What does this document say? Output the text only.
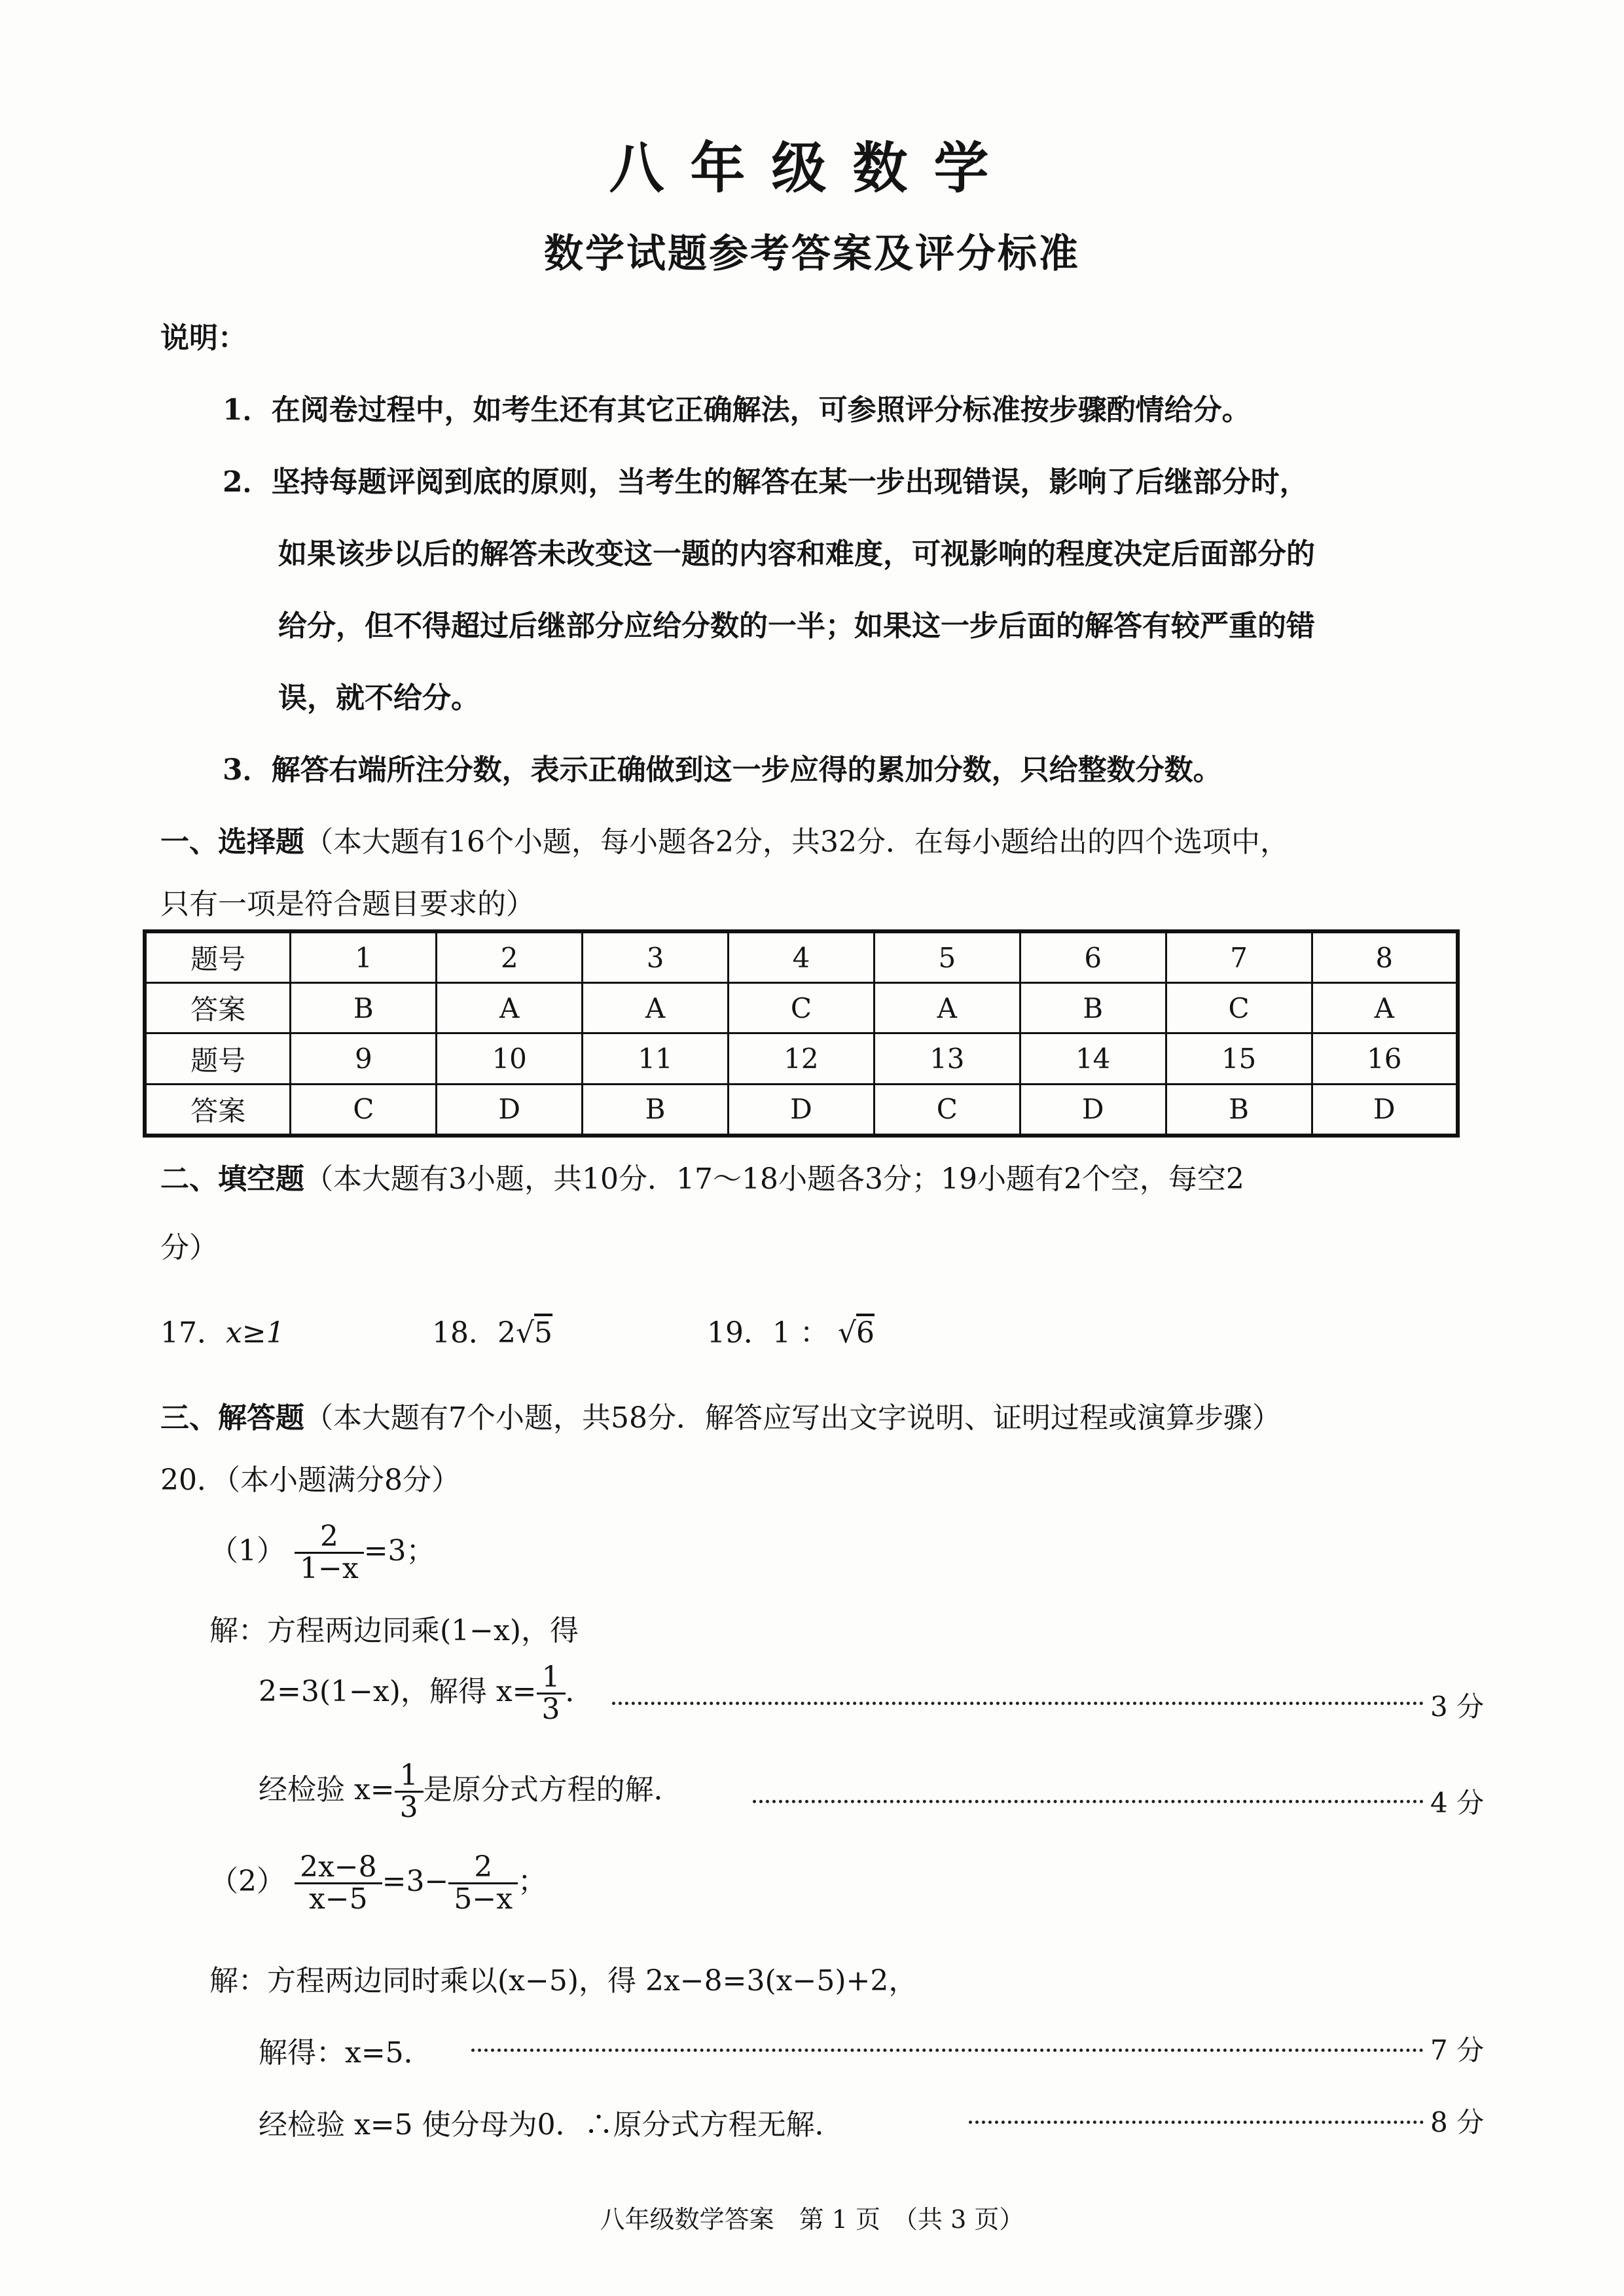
八年级数学
数学试题参考答案及评分标准
说明：
1．在阅卷过程中，如考生还有其它正确解法，可参照评分标准按步骤酌情给分。
2．坚持每题评阅到底的原则，当考生的解答在某一步出现错误，影响了后继部分时，
如果该步以后的解答未改变这一题的内容和难度，可视影响的程度决定后面部分的
给分，但不得超过后继部分应给分数的一半；如果这一步后面的解答有较严重的错
误，就不给分。
3．解答右端所注分数，表示正确做到这一步应得的累加分数，只给整数分数。
一、选择题（本大题有16个小题，每小题各2分，共32分．在每小题给出的四个选项中，
只有一项是符合题目要求的）
题号	1	2	3	4	5	6	7	8
答案	B	A	A	C	A	B	C	A
题号	9	10	11	12	13	14	15	16
答案	C	D	B	D	C	D	B	D
二、填空题（本大题有3小题，共10分．17～18小题各3分；19小题有2个空，每空2
分）
17．x≥1	18．2√5	19．1 ： √6
三、解答题（本大题有7个小题，共58分．解答应写出文字说明、证明过程或演算步骤）
20．（本小题满分8分）
$(1) \frac{2}{1-x} =3$；
解：方程两边同乘(1−x)，得
2=3(1−x)，解得 $x= \frac{1}{3}$ ．	3 分
经检验 $x= \frac{1}{3}$ 是原分式方程的解．	4 分
$(2) \frac{2x-8}{x-5} =3- \frac{2}{5-x}$ ；
解：方程两边同时乘以(x−5)，得 2x−8=3(x−5)+2，
解得：x=5．	7 分
经检验 x=5 使分母为0．∴原分式方程无解．	8 分
八年级数学答案　第 1 页　（共 3 页）
